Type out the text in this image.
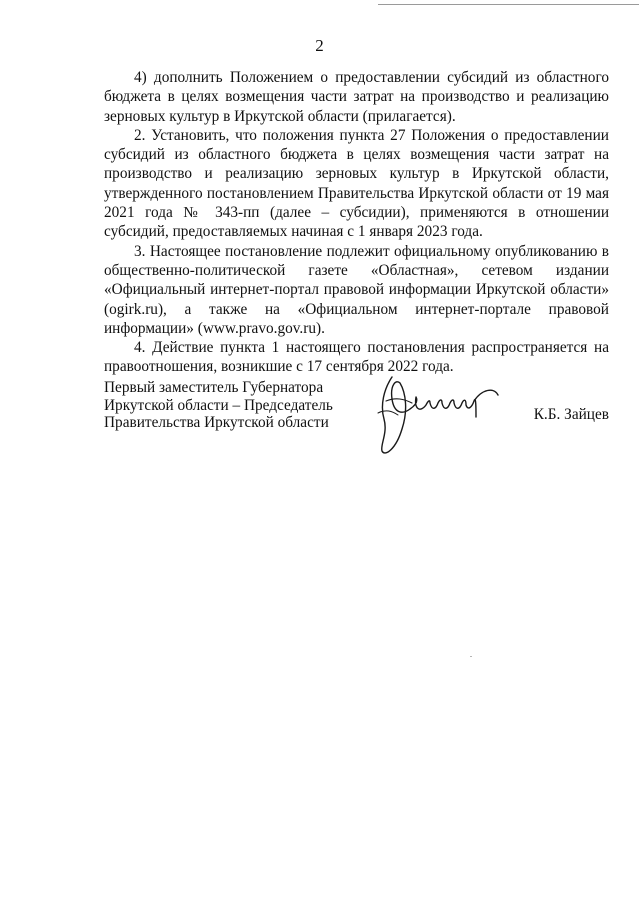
2

4) дополнить Положением о предоставлении субсидий из областного бюджета в целях возмещения части затрат на производство и реализацию зерновых культур в Иркутской области (прилагается).

2. Установить, что положения пункта 27 Положения о предоставлении субсидий из областного бюджета в целях возмещения части затрат на производство и реализацию зерновых культур в Иркутской области, утвержденного постановлением Правительства Иркутской области от 19 мая 2021 года № 343-пп (далее – субсидии), применяются в отношении субсидий, предоставляемых начиная с 1 января 2023 года.

3. Настоящее постановление подлежит официальному опубликованию в общественно-политической газете «Областная», сетевом издании «Официальный интернет-портал правовой информации Иркутской области» (ogirk.ru), а также на «Официальном интернет-портале правовой информации» (www.pravo.gov.ru).

4. Действие пункта 1 настоящего постановления распространяется на правоотношения, возникшие с 17 сентября 2022 года.

Первый заместитель Губернатора
Иркутской области – Председатель
Правительства Иркутской области	К.Б. Зайцев
